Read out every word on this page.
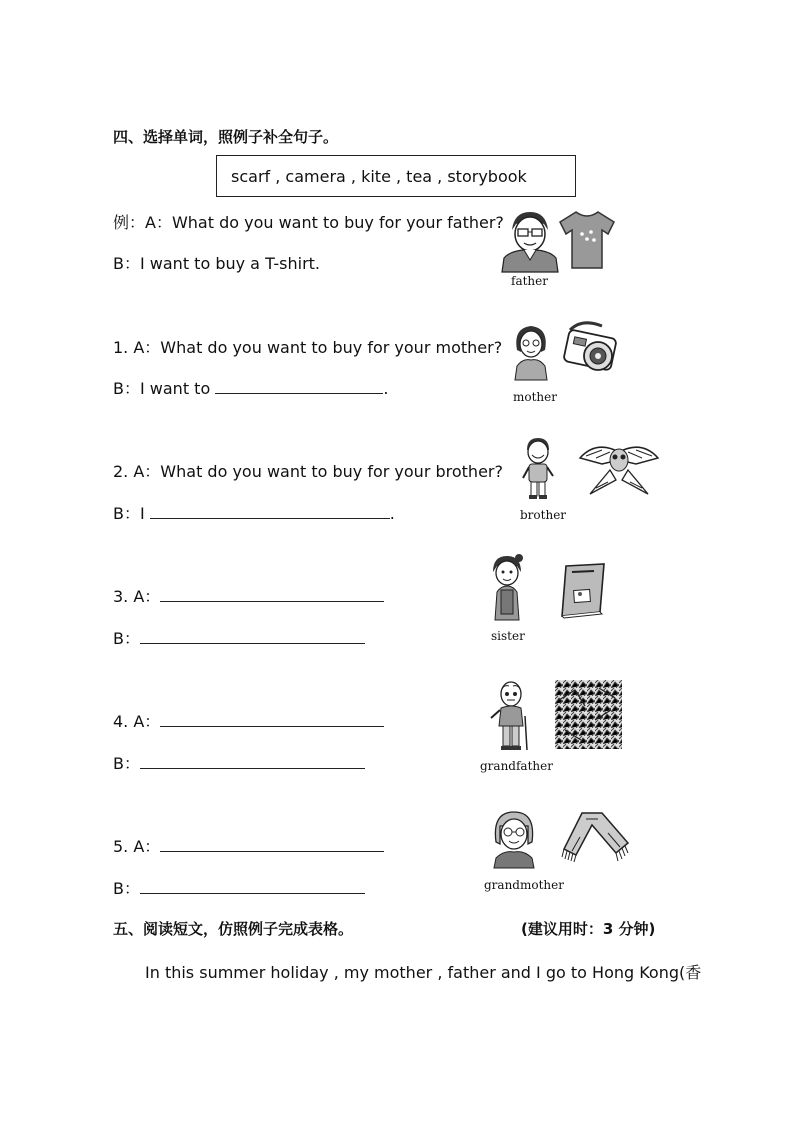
四、选择单词，照例子补全句子。
scarf , camera , kite , tea , storybook
例：A：What do you want to buy for your father?
B：I want to buy a T-shirt.
father
1. A：What do you want to buy for your mother?
B：I want to	.	mother
2. A：What do you want to buy for your brother?
B：I	.	brother
3. A：
B：	sister
4. A：
B：	grandfather
5. A：
B：	grandmother
五、阅读短文，仿照例子完成表格。	(建议用时：3 分钟)
In this summer holiday , my mother , father and I go to Hong Kong(香
